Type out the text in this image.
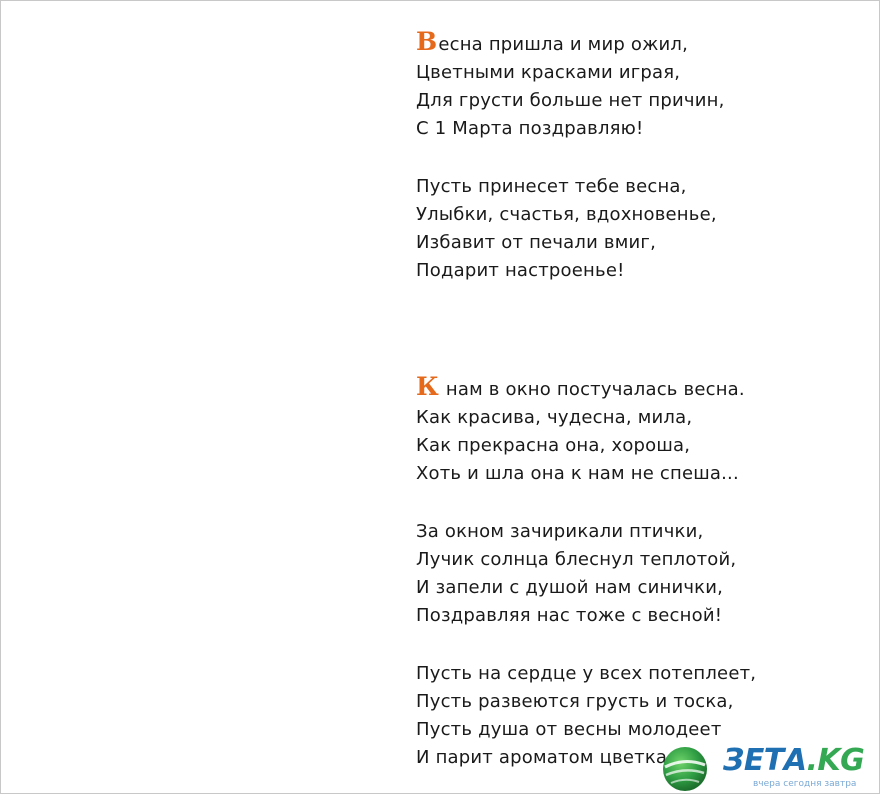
Весна пришла и мир ожил,
Цветными красками играя,
Для грусти больше нет причин,
С 1 Марта поздравляю!
Пусть принесет тебе весна,
Улыбки, счастья, вдохновенье,
Избавит от печали вмиг,
Подарит настроенье!
К нам в окно постучалась весна.
Как красива, чудесна, мила,
Как прекрасна она, хороша,
Хоть и шла она к нам не спеша...
За окном зачирикали птички,
Лучик солнца блеснул теплотой,
И запели с душой нам синички,
Поздравляя нас тоже с весной!
Пусть на сердце у всех потеплеет,
Пусть развеются грусть и тоска,
Пусть душа от весны молодеет
И парит ароматом цветка	ЗЕТА.KG
вчера сегодня завтра
